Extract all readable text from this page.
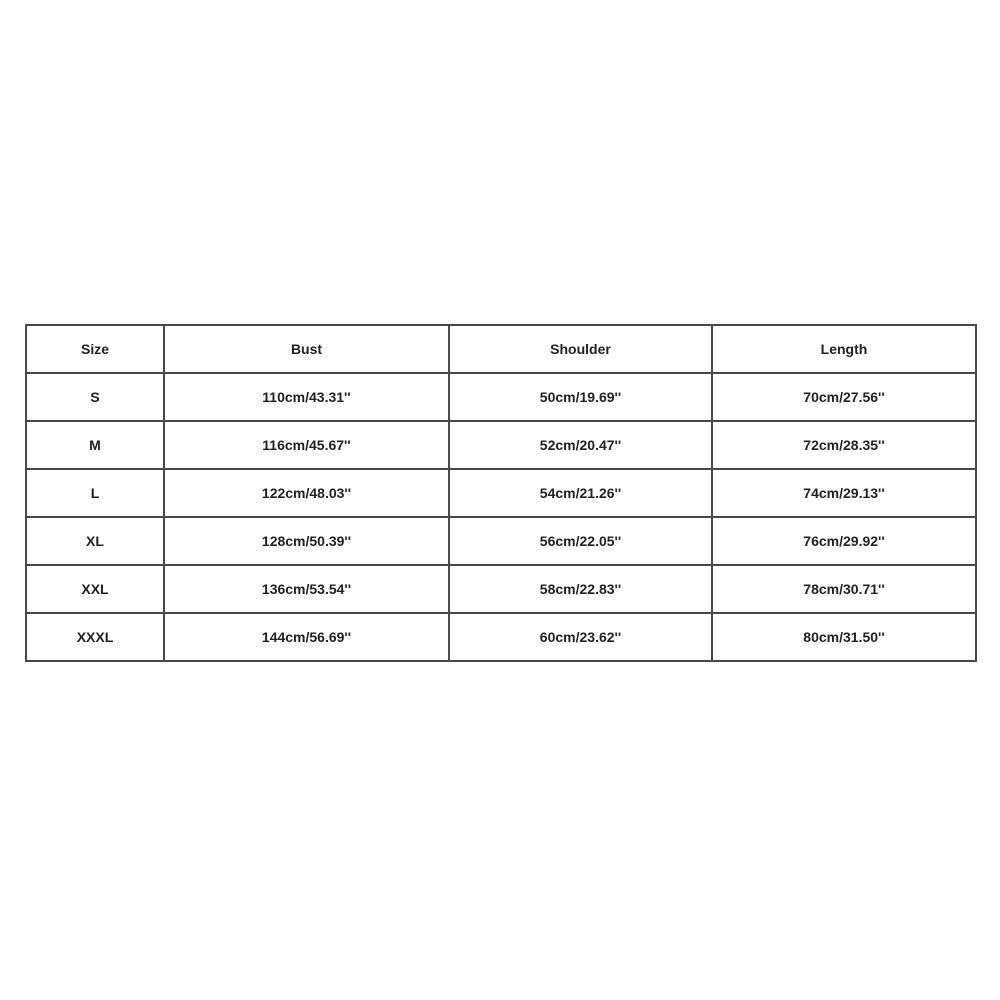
Size	Bust	Shoulder	Length
S	110cm/43.31''	50cm/19.69''	70cm/27.56''
M	116cm/45.67''	52cm/20.47''	72cm/28.35''
L	122cm/48.03''	54cm/21.26''	74cm/29.13''
XL	128cm/50.39''	56cm/22.05''	76cm/29.92''
XXL	136cm/53.54''	58cm/22.83''	78cm/30.71''
XXXL	144cm/56.69''	60cm/23.62''	80cm/31.50''
